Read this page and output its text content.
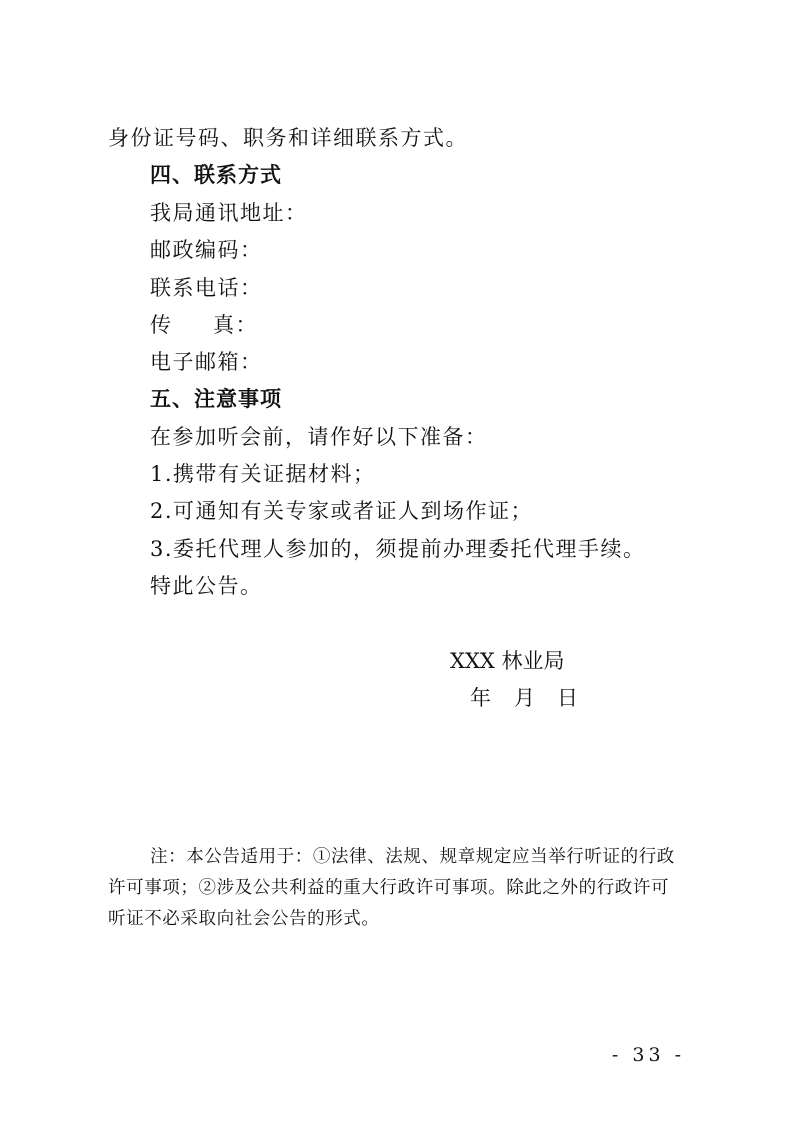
身份证号码、职务和详细联系方式。
四、联系方式
我局通讯地址：
邮政编码：
联系电话：
传 真：
电子邮箱：
五、注意事项
在参加听会前，请作好以下准备：
1.携带有关证据材料；
2.可通知有关专家或者证人到场作证；
3.委托代理人参加的，须提前办理委托代理手续。
特此公告。
XXX 林业局
年 月 日
注：本公告适用于：①法律、法规、规章规定应当举行听证的行政
许可事项；②涉及公共利益的重大行政许可事项。除此之外的行政许可
听证不必采取向社会公告的形式。
- 33 -
